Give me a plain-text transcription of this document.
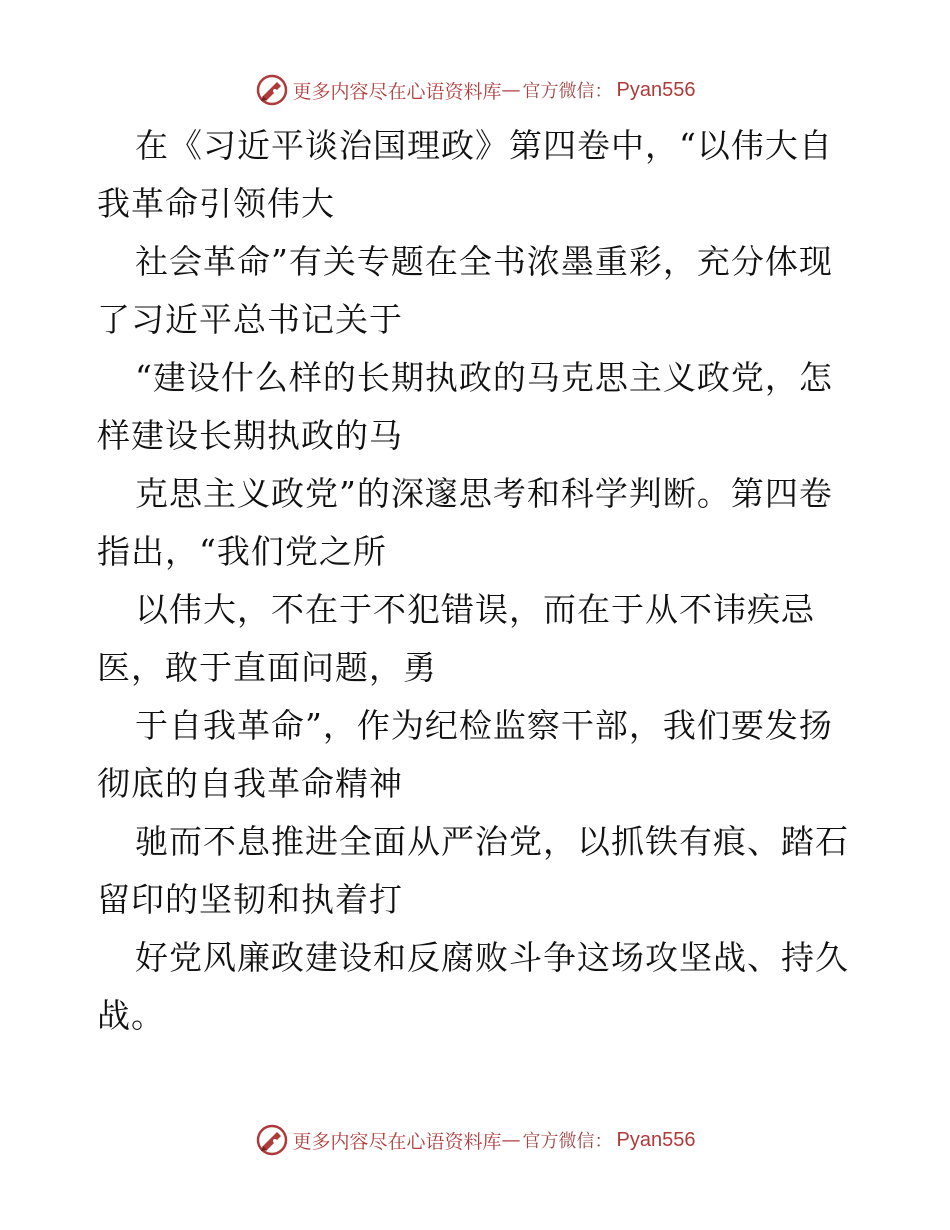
更多内容尽在心语资料库 — 官方微信： Pyan556
在《习近平谈治国理政》第四卷中，“以伟大自
我革命引领伟大
社会革命”有关专题在全书浓墨重彩，充分体现
了习近平总书记关于
“建设什么样的长期执政的马克思主义政党，怎
样建设长期执政的马
克思主义政党”的深邃思考和科学判断。第四卷
指出，“我们党之所
以伟大，不在于不犯错误，而在于从不讳疾忌
医，敢于直面问题，勇
于自我革命”，作为纪检监察干部，我们要发扬
彻底的自我革命精神
驰而不息推进全面从严治党，以抓铁有痕、踏石
留印的坚韧和执着打
好党风廉政建设和反腐败斗争这场攻坚战、持久
战。
更多内容尽在心语资料库 — 官方微信： Pyan556
